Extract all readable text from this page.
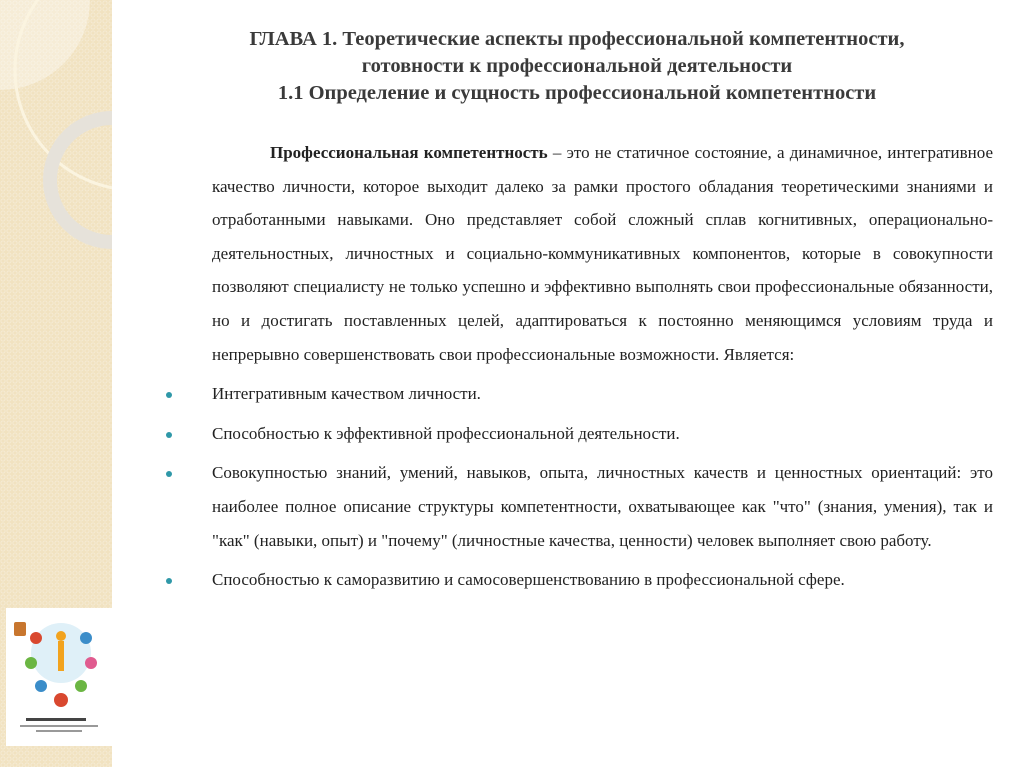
ГЛАВА 1. Теоретические аспекты профессиональной компетентности,
готовности к профессиональной деятельности
1.1 Определение и сущность профессиональной компетентности

Профессиональная компетентность – это не статичное состояние, а динамичное, интегративное качество личности, которое выходит далеко за рамки простого обладания теоретическими знаниями и отработанными навыками. Оно представляет собой сложный сплав когнитивных, операционально-деятельностных, личностных и социально-коммуникативных компонентов, которые в совокупности позволяют специалисту не только успешно и эффективно выполнять свои профессиональные обязанности, но и достигать поставленных целей, адаптироваться к постоянно меняющимся условиям труда и непрерывно совершенствовать свои профессиональные возможности. Является:

Интегративным качеством личности.

Способностью к эффективной профессиональной деятельности.

Совокупностью знаний, умений, навыков, опыта, личностных качеств и ценностных ориентаций: это наиболее полное описание структуры компетентности, охватывающее как "что" (знания, умения), так и "как" (навыки, опыт) и "почему" (личностные качества, ценности) человек выполняет свою работу.

Способностью к саморазвитию и самосовершенствованию в профессиональной сфере.
